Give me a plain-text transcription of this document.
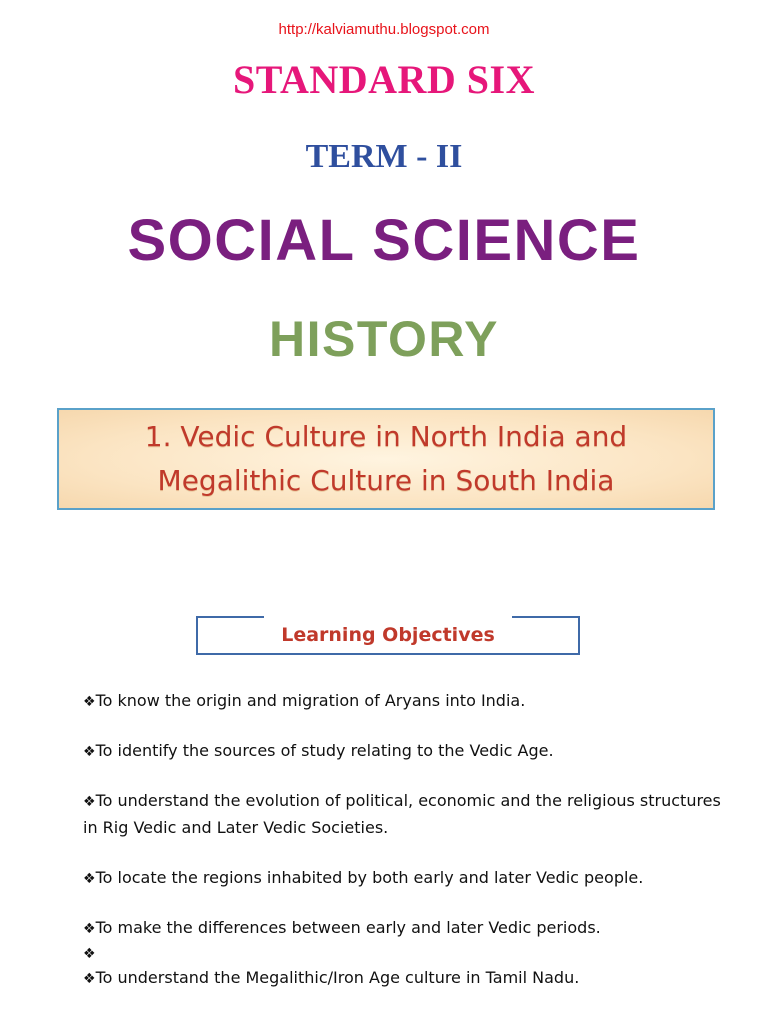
http://kalviamuthu.blogspot.com
STANDARD SIX
TERM - II
SOCIAL SCIENCE
HISTORY
1. Vedic Culture in North India and
Megalithic Culture in South India
Learning Objectives
❖To know the origin and migration of Aryans into India.
❖To identify the sources of study relating to the Vedic Age.
❖To understand the evolution of political, economic and the religious structures in Rig Vedic and Later Vedic Societies.
❖To locate the regions inhabited by both early and later Vedic people.
❖To make the differences between early and later Vedic periods.
❖
❖To understand the Megalithic/Iron Age culture in Tamil Nadu.
